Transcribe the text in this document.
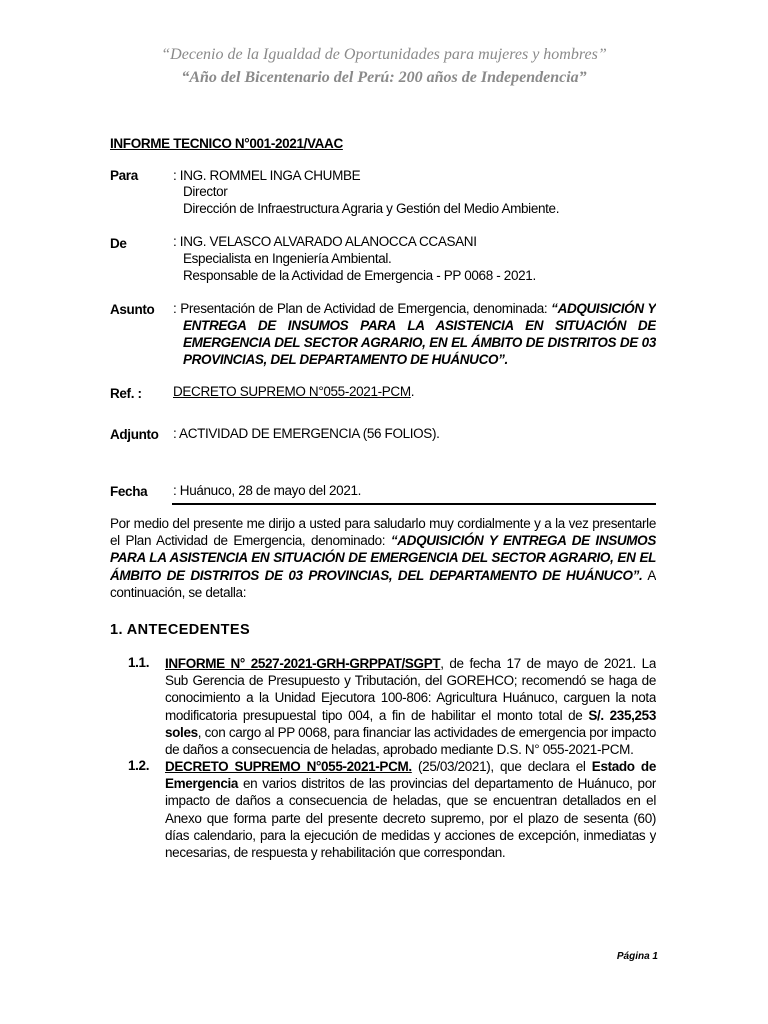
“Decenio de la Igualdad de Oportunidades para mujeres y hombres”
“Año del Bicentenario del Perú: 200 años de Independencia”
INFORME TECNICO N°001-2021/VAAC
Para	: ING. ROMMEL INGA CHUMBE
Director
Dirección de Infraestructura Agraria y Gestión del Medio Ambiente.
De	: ING. VELASCO ALVARADO ALANOCCA CCASANI
Especialista en Ingeniería Ambiental.
Responsable de la Actividad de Emergencia - PP 0068 - 2021.
Asunto : Presentación de Plan de Actividad de Emergencia, denominada: “ADQUISICIÓN Y
ENTREGA DE INSUMOS PARA LA ASISTENCIA EN SITUACIÓN DE
EMERGENCIA DEL SECTOR AGRARIO, EN EL ÁMBITO DE DISTRITOS DE 03
PROVINCIAS, DEL DEPARTAMENTO DE HUÁNUCO”.
Ref. : DECRETO SUPREMO N°055-2021-PCM.
Adjunto : ACTIVIDAD DE EMERGENCIA (56 FOLIOS).
Fecha : Huánuco, 28 de mayo del 2021.
Por medio del presente me dirijo a usted para saludarlo muy cordialmente y a la vez presentarle
el Plan Actividad de Emergencia, denominado: “ADQUISICIÓN Y ENTREGA DE INSUMOS
PARA LA ASISTENCIA EN SITUACIÓN DE EMERGENCIA DEL SECTOR AGRARIO, EN EL
ÁMBITO DE DISTRITOS DE 03 PROVINCIAS, DEL DEPARTAMENTO DE HUÁNUCO”. A
continuación, se detalla:
1. ANTECEDENTES
1.1. INFORME N° 2527-2021-GRH-GRPPAT/SGPT, de fecha 17 de mayo de 2021. La
Sub Gerencia de Presupuesto y Tributación, del GOREHCO; recomendó se haga de
conocimiento a la Unidad Ejecutora 100-806: Agricultura Huánuco, carguen la nota
modificatoria presupuestal tipo 004, a fin de habilitar el monto total de S/. 235,253
soles, con cargo al PP 0068, para financiar las actividades de emergencia por impacto
de daños a consecuencia de heladas, aprobado mediante D.S. N° 055-2021-PCM.
1.2. DECRETO SUPREMO N°055-2021-PCM. (25/03/2021), que declara el Estado de
Emergencia en varios distritos de las provincias del departamento de Huánuco, por
impacto de daños a consecuencia de heladas, que se encuentran detallados en el
Anexo que forma parte del presente decreto supremo, por el plazo de sesenta (60)
días calendario, para la ejecución de medidas y acciones de excepción, inmediatas y
necesarias, de respuesta y rehabilitación que correspondan.
Página 1
